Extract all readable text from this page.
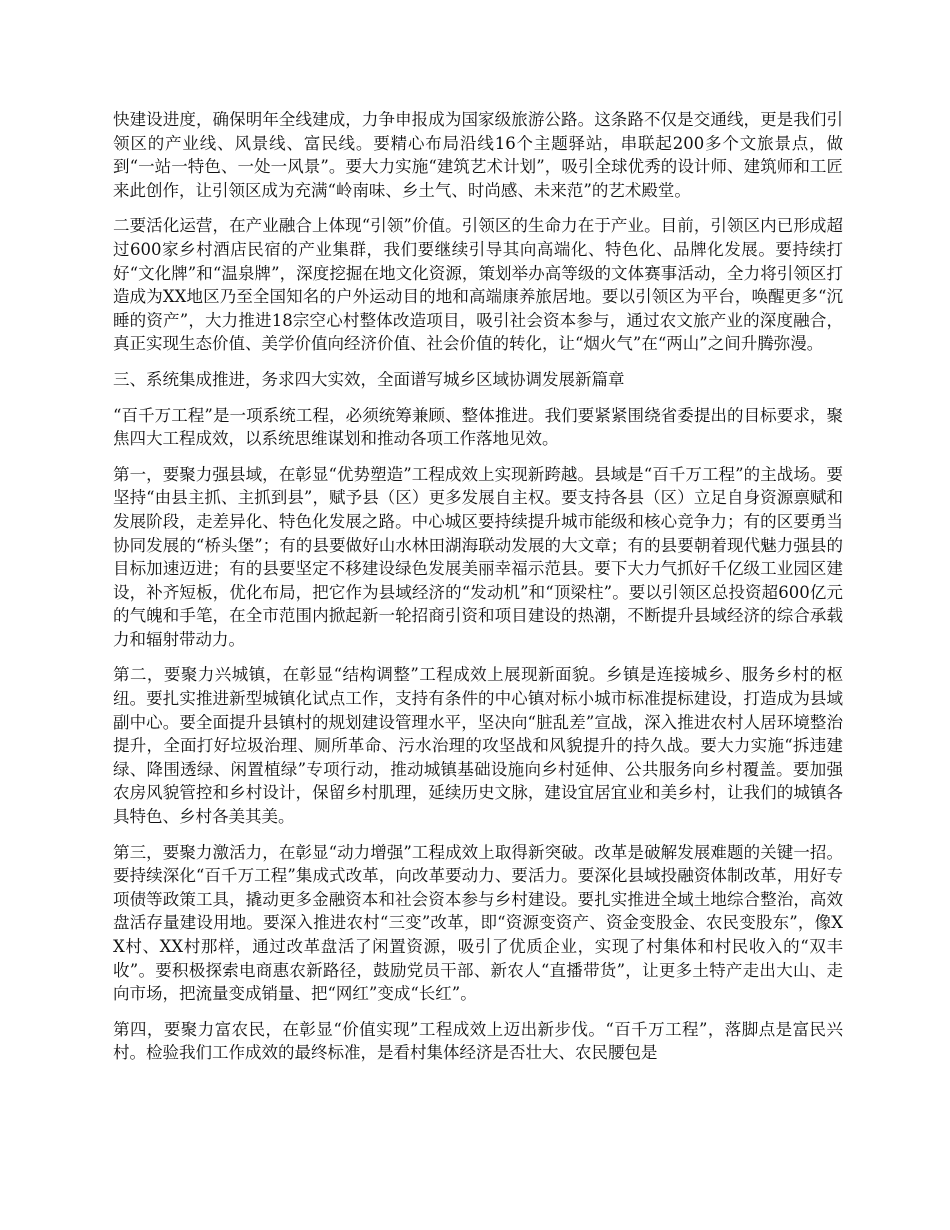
快建设进度，确保明年全线建成，力争申报成为国家级旅游公路。这条路不仅是交通线，更是我们引领区的产业线、风景线、富民线。要精心布局沿线16个主题驿站，串联起200多个文旅景点，做到“一站一特色、一处一风景”。要大力实施“建筑艺术计划”，吸引全球优秀的设计师、建筑师和工匠来此创作，让引领区成为充满“岭南味、乡土气、时尚感、未来范”的艺术殿堂。

二要活化运营，在产业融合上体现“引领”价值。引领区的生命力在于产业。目前，引领区内已形成超过600家乡村酒店民宿的产业集群，我们要继续引导其向高端化、特色化、品牌化发展。要持续打好“文化牌”和“温泉牌”，深度挖掘在地文化资源，策划举办高等级的文体赛事活动，全力将引领区打造成为XX地区乃至全国知名的户外运动目的地和高端康养旅居地。要以引领区为平台，唤醒更多“沉睡的资产”，大力推进18宗空心村整体改造项目，吸引社会资本参与，通过农文旅产业的深度融合，真正实现生态价值、美学价值向经济价值、社会价值的转化，让“烟火气”在“两山”之间升腾弥漫。

三、系统集成推进，务求四大实效，全面谱写城乡区域协调发展新篇章

“百千万工程”是一项系统工程，必须统筹兼顾、整体推进。我们要紧紧围绕省委提出的目标要求，聚焦四大工程成效，以系统思维谋划和推动各项工作落地见效。

第一，要聚力强县域，在彰显“优势塑造”工程成效上实现新跨越。县域是“百千万工程”的主战场。要坚持“由县主抓、主抓到县”，赋予县（区）更多发展自主权。要支持各县（区）立足自身资源禀赋和发展阶段，走差异化、特色化发展之路。中心城区要持续提升城市能级和核心竞争力；有的区要勇当协同发展的“桥头堡”；有的县要做好山水林田湖海联动发展的大文章；有的县要朝着现代魅力强县的目标加速迈进；有的县要坚定不移建设绿色发展美丽幸福示范县。要下大力气抓好千亿级工业园区建设，补齐短板，优化布局，把它作为县域经济的“发动机”和“顶梁柱”。要以引领区总投资超600亿元的气魄和手笔，在全市范围内掀起新一轮招商引资和项目建设的热潮，不断提升县域经济的综合承载力和辐射带动力。

第二，要聚力兴城镇，在彰显“结构调整”工程成效上展现新面貌。乡镇是连接城乡、服务乡村的枢纽。要扎实推进新型城镇化试点工作，支持有条件的中心镇对标小城市标准提标建设，打造成为县域副中心。要全面提升县镇村的规划建设管理水平，坚决向“脏乱差”宣战，深入推进农村人居环境整治提升，全面打好垃圾治理、厕所革命、污水治理的攻坚战和风貌提升的持久战。要大力实施“拆违建绿、降围透绿、闲置植绿”专项行动，推动城镇基础设施向乡村延伸、公共服务向乡村覆盖。要加强农房风貌管控和乡村设计，保留乡村肌理，延续历史文脉，建设宜居宜业和美乡村，让我们的城镇各具特色、乡村各美其美。

第三，要聚力激活力，在彰显“动力增强”工程成效上取得新突破。改革是破解发展难题的关键一招。要持续深化“百千万工程”集成式改革，向改革要动力、要活力。要深化县域投融资体制改革，用好专项债等政策工具，撬动更多金融资本和社会资本参与乡村建设。要扎实推进全域土地综合整治，高效盘活存量建设用地。要深入推进农村“三变”改革，即“资源变资产、资金变股金、农民变股东”，像XX村、XX村那样，通过改革盘活了闲置资源，吸引了优质企业，实现了村集体和村民收入的“双丰收”。要积极探索电商惠农新路径，鼓励党员干部、新农人“直播带货”，让更多土特产走出大山、走向市场，把流量变成销量、把“网红”变成“长红”。

第四，要聚力富农民，在彰显“价值实现”工程成效上迈出新步伐。“百千万工程”，落脚点是富民兴村。检验我们工作成效的最终标准，是看村集体经济是否壮大、农民腰包是
